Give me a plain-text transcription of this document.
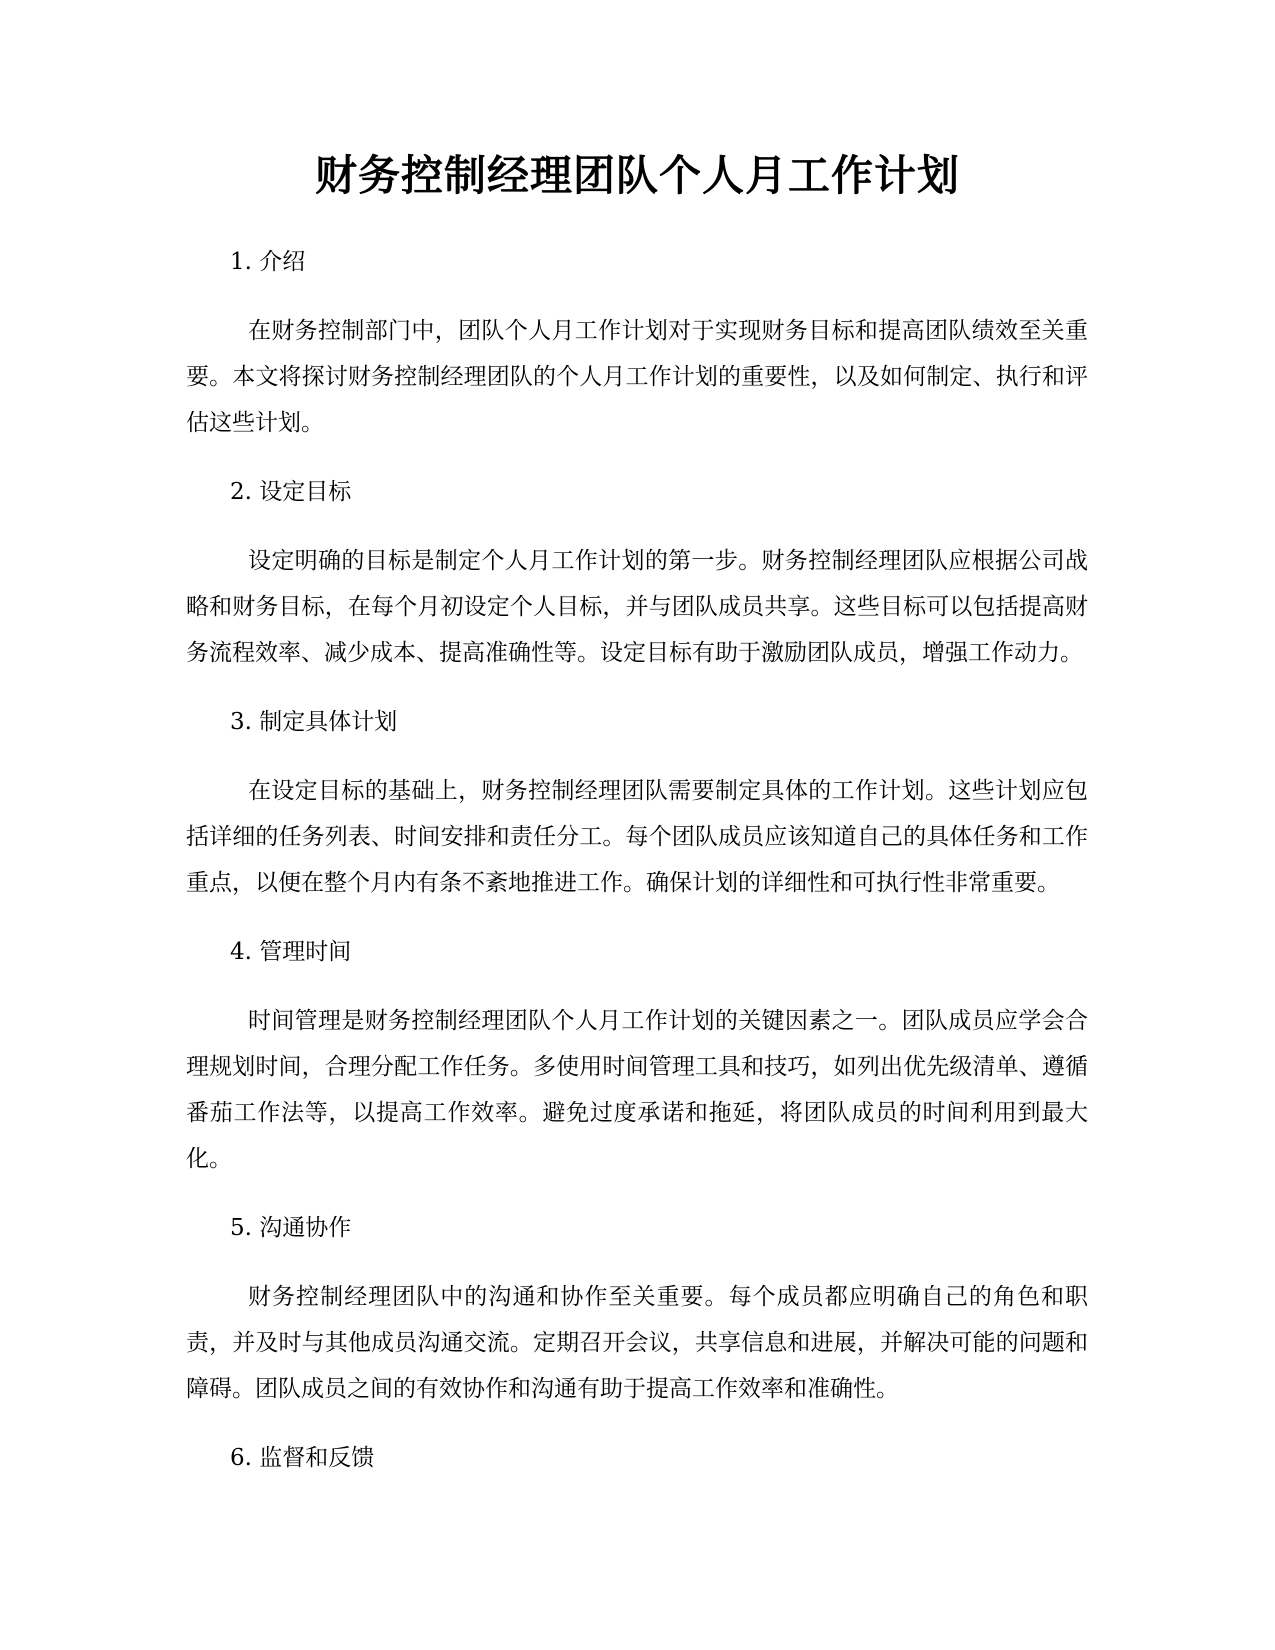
财务控制经理团队个人月工作计划
1. 介绍

在财务控制部门中，团队个人月工作计划对于实现财务目标和提高团队绩效至关重要。本文将探讨财务控制经理团队的个人月工作计划的重要性，以及如何制定、执行和评估这些计划。

2. 设定目标

设定明确的目标是制定个人月工作计划的第一步。财务控制经理团队应根据公司战略和财务目标，在每个月初设定个人目标，并与团队成员共享。这些目标可以包括提高财务流程效率、减少成本、提高准确性等。设定目标有助于激励团队成员，增强工作动力。

3. 制定具体计划

在设定目标的基础上，财务控制经理团队需要制定具体的工作计划。这些计划应包括详细的任务列表、时间安排和责任分工。每个团队成员应该知道自己的具体任务和工作重点，以便在整个月内有条不紊地推进工作。确保计划的详细性和可执行性非常重要。

4. 管理时间

时间管理是财务控制经理团队个人月工作计划的关键因素之一。团队成员应学会合理规划时间，合理分配工作任务。多使用时间管理工具和技巧，如列出优先级清单、遵循番茄工作法等，以提高工作效率。避免过度承诺和拖延，将团队成员的时间利用到最大化。

5. 沟通协作

财务控制经理团队中的沟通和协作至关重要。每个成员都应明确自己的角色和职责，并及时与其他成员沟通交流。定期召开会议，共享信息和进展，并解决可能的问题和障碍。团队成员之间的有效协作和沟通有助于提高工作效率和准确性。

6. 监督和反馈
